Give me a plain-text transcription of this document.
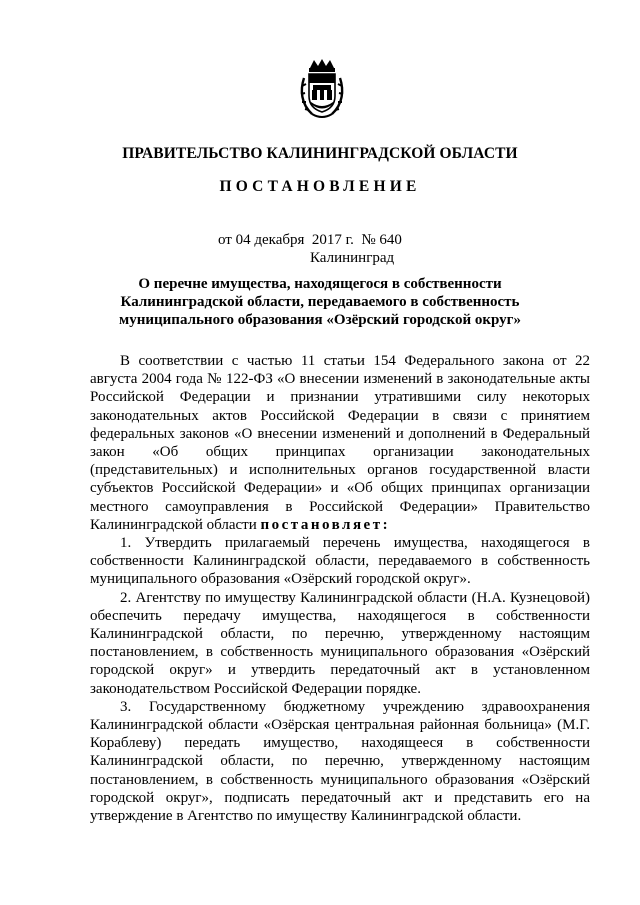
ПРАВИТЕЛЬСТВО КАЛИНИНГРАДСКОЙ ОБЛАСТИ
ПОСТАНОВЛЕНИЕ
от 04 декабря  2017 г. № 640
Калининград
О перечне имущества, находящегося в собственности
Калининградской области, передаваемого в собственность
муниципального образования «Озёрский городской округ»

В соответствии с частью 11 статьи 154 Федерального закона от 22 августа 2004 года № 122-ФЗ «О внесении изменений в законодательные акты Российской Федерации и признании утратившими силу некоторых законодательных актов Российской Федерации в связи с принятием федеральных законов «О внесении изменений и дополнений в Федеральный закон «Об общих принципах организации законодательных (представительных) и исполнительных органов государственной власти субъектов Российской Федерации» и «Об общих принципах организации местного самоуправления в Российской Федерации» Правительство Калининградской области постановляет:

1. Утвердить прилагаемый перечень имущества, находящегося в собственности Калининградской области, передаваемого в собственность муниципального образования «Озёрский городской округ».

2. Агентству по имуществу Калининградской области (Н.А. Кузнецовой) обеспечить передачу имущества, находящегося в собственности Калининградской области, по перечню, утвержденному настоящим постановлением, в собственность муниципального образования «Озёрский городской округ» и утвердить передаточный акт в установленном законодательством Российской Федерации порядке.

3. Государственному бюджетному учреждению здравоохранения Калининградской области «Озёрская центральная районная больница» (М.Г. Кораблеву) передать имущество, находящееся в собственности Калининградской области, по перечню, утвержденному настоящим постановлением, в собственность муниципального образования «Озёрский городской округ», подписать передаточный акт и представить его на утверждение в Агентство по имуществу Калининградской области.
